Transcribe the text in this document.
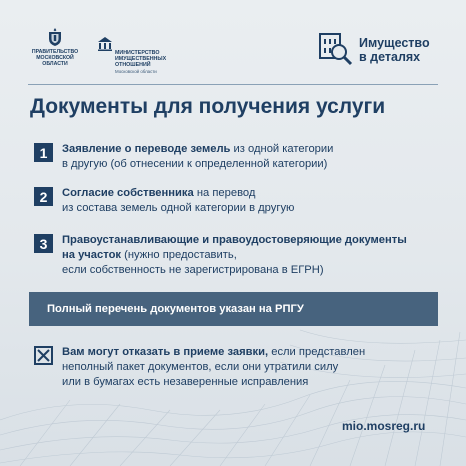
ПРАВИТЕЛЬСТВО
МОСКОВСКОЙ
ОБЛАСТИ
МИНИСТЕРСТВО
ИМУЩЕСТВЕННЫХ
ОТНОШЕНИЙ
Московской области
Имущество
в деталях
Документы для получения услуги
1	Заявление о переводе земель из одной категории
в другую (об отнесении к определенной категории)
2	Согласие собственника на перевод
из состава земель одной категории в другую
3	Правоустанавливающие и правоудостоверяющие документы
на участок (нужно предоставить,
если собственность не зарегистрирована в ЕГРН)
Полный перечень документов указан на РПГУ
Вам могут отказать в приеме заявки, если представлен
неполный пакет документов, если они утратили силу
или в бумагах есть незаверенные исправления
mio.mosreg.ru
